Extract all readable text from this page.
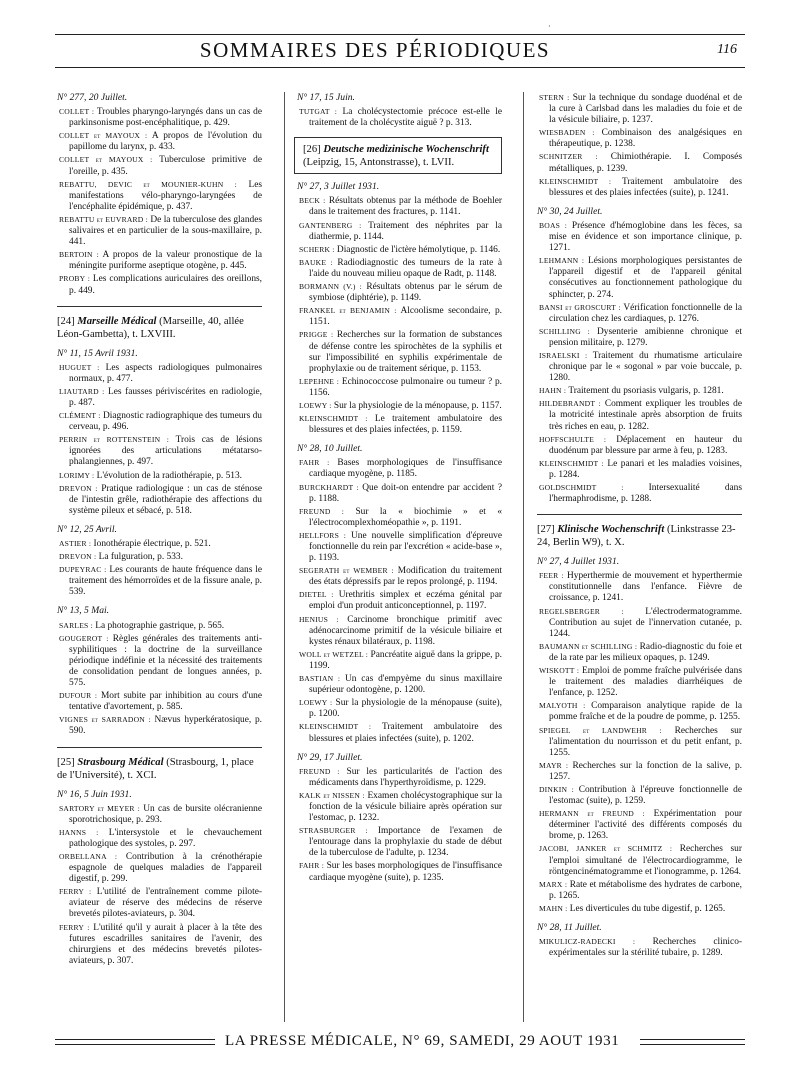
·
SOMMAIRES DES PÉRIODIQUES	116
N° 277, 20 Juillet.
COLLET : Troubles pharyngo-laryngés dans un cas de parkinsonisme post-encéphalitique, p. 429.
COLLET et MAYOUX : A propos de l'évolution du papillome du larynx, p. 433.
COLLET et MAYOUX : Tuberculose primitive de l'oreille, p. 435.
REBATTU, DEVIC et MOUNIER-KUHN : Les manifestations vélo-pharyngo-laryngées de l'encéphalite épidémique, p. 437.
REBATTU et EUVRARD : De la tuberculose des glandes salivaires et en particulier de la sous-maxillaire, p. 441.
BERTOIN : A propos de la valeur pronostique de la méningite puriforme aseptique otogène, p. 445.
PROBY : Les complications auriculaires des oreillons, p. 449.
[24] Marseille Médical (Marseille, 40, allée Léon-Gambetta), t. LXVIII.
N° 11, 15 Avril 1931.
HUGUET : Les aspects radiologiques pulmonaires normaux, p. 477.
LIAUTARD : Les fausses périviscérites en radiologie, p. 487.
CLÉMENT : Diagnostic radiographique des tumeurs du cerveau, p. 496.
PERRIN et ROTTENSTEIN : Trois cas de lésions ignorées des articulations métatarso-phalangiennes, p. 497.
LORIMY : L'évolution de la radiothérapie, p. 513.
DREVON : Pratique radiologique : un cas de sténose de l'intestin grêle, radiothérapie des affections du système pileux et sébacé, p. 518.
N° 12, 25 Avril.
ASTIER : Ionothérapie électrique, p. 521.
DREVON : La fulguration, p. 533.
DUPEYRAC : Les courants de haute fréquence dans le traitement des hémorroïdes et de la fissure anale, p. 539.
N° 13, 5 Mai.
SARLES : La photographie gastrique, p. 565.
GOUGEROT : Règles générales des traitements anti-syphilitiques : la doctrine de la surveillance périodique indéfinie et la nécessité des traitements de consolidation pendant de longues années, p. 575.
DUFOUR : Mort subite par inhibition au cours d'une tentative d'avortement, p. 585.
VIGNES et SARRADON : Nævus hyperkératosique, p. 590.
[25] Strasbourg Médical (Strasbourg, 1, place de l'Université), t. XCI.
N° 16, 5 Juin 1931.
SARTORY et MEYER : Un cas de bursite olécranienne sporotrichosique, p. 293.
HANNS : L'intersystole et le chevauchement pathologique des systoles, p. 297.
ORBELLANA : Contribution à la crénothérapie espagnole de quelques maladies de l'appareil digestif, p. 299.
FERRY : L'utilité de l'entraînement comme pilote-aviateur de réserve des médecins de réserve brevetés pilotes-aviateurs, p. 304.
FERRY : L'utilité qu'il y aurait à placer à la tête des futures escadrilles sanitaires de l'avenir, des chirurgiens et des médecins brevetés pilotes-aviateurs, p. 307.
N° 17, 15 Juin.
TUTGAT : La cholécystectomie précoce est-elle le traitement de la cholécystite aiguë ? p. 313.
[26] Deutsche medizinische Wochenschrift (Leipzig, 15, Antonstrasse), t. LVII.
N° 27, 3 Juillet 1931.
BECK : Résultats obtenus par la méthode de Boehler dans le traitement des fractures, p. 1141.
GANTENBERG : Traitement des néphrites par la diathermie, p. 1144.
SCHERK : Diagnostic de l'ictère hémolytique, p. 1146.
BAUKE : Radiodiagnostic des tumeurs de la rate à l'aide du nouveau milieu opaque de Radt, p. 1148.
BORMANN (V.) : Résultats obtenus par le sérum de symbiose (diphtérie), p. 1149.
FRANKEL et BENJAMIN : Alcoolisme secondaire, p. 1151.
PRIGGE : Recherches sur la formation de substances de défense contre les spirochètes de la syphilis et sur l'impossibilité en syphilis expérimentale de prophylaxie ou de traitement sérique, p. 1153.
LEPEHNE : Echinococcose pulmonaire ou tumeur ? p. 1156.
LOEWY : Sur la physiologie de la ménopause, p. 1157.
KLEINSCHMIDT : Le traitement ambulatoire des blessures et des plaies infectées, p. 1159.
N° 28, 10 Juillet.
FAHR : Bases morphologiques de l'insuffisance cardiaque myogène, p. 1185.
BURCKHARDT : Que doit-on entendre par accident ? p. 1188.
FREUND : Sur la « biochimie » et « l'électrocomplexhoméopathie », p. 1191.
HELLFORS : Une nouvelle simplification d'épreuve fonctionnelle du rein par l'excrétion « acide-base », p. 1193.
SEGERATH et WEMBER : Modification du traitement des états dépressifs par le repos prolongé, p. 1194.
DIETEL : Urethritis simplex et eczéma génital par emploi d'un produit anticonceptionnel, p. 1197.
HENIUS : Carcinome bronchique primitif avec adénocarcinome primitif de la vésicule biliaire et kystes rénaux bilatéraux, p. 1198.
WOLL et WETZEL : Pancréatite aiguë dans la grippe, p. 1199.
BASTIAN : Un cas d'empyème du sinus maxillaire supérieur odontogène, p. 1200.
LOEWY : Sur la physiologie de la ménopause (suite), p. 1200.
KLEINSCHMIDT : Traitement ambulatoire des blessures et plaies infectées (suite), p. 1202.
N° 29, 17 Juillet.
FREUND : Sur les particularités de l'action des médicaments dans l'hyperthyroïdisme, p. 1229.
KALK et NISSEN : Examen cholécystographique sur la fonction de la vésicule biliaire après opération sur l'estomac, p. 1232.
STRASBURGER : Importance de l'examen de l'entourage dans la prophylaxie du stade de début de la tuberculose de l'adulte, p. 1234.
FAHR : Sur les bases morphologiques de l'insuffisance cardiaque myogène (suite), p. 1235.
STERN : Sur la technique du sondage duodénal et de la cure à Carlsbad dans les maladies du foie et de la vésicule biliaire, p. 1237.
WIESBADEN : Combinaison des analgésiques en thérapeutique, p. 1238.
SCHNITZER : Chimiothérapie. I. Composés métalliques, p. 1239.
KLEINSCHMIDT : Traitement ambulatoire des blessures et des plaies infectées (suite), p. 1241.
N° 30, 24 Juillet.
BOAS : Présence d'hémoglobine dans les fèces, sa mise en évidence et son importance clinique, p. 1271.
LEHMANN : Lésions morphologiques persistantes de l'appareil digestif et de l'appareil génital consécutives au fonctionnement pathologique du sphincter, p. 274.
BANSI et GROSCURT : Vérification fonctionnelle de la circulation chez les cardiaques, p. 1276.
SCHILLING : Dysenterie amibienne chronique et pension militaire, p. 1279.
ISRAELSKI : Traitement du rhumatisme articulaire chronique par le « sogonal » par voie buccale, p. 1280.
HAHN : Traitement du psoriasis vulgaris, p. 1281.
HILDEBRANDT : Comment expliquer les troubles de la motricité intestinale après absorption de fruits très riches en eau, p. 1282.
HOFFSCHULTE : Déplacement en hauteur du duodénum par blessure par arme à feu, p. 1283.
KLEINSCHMIDT : Le panari et les maladies voisines, p. 1284.
GOLDSCHMIDT :	Intersexualité dans l'hermaphrodisme, p. 1288.
[27] Klinische Wochenschrift (Linkstrasse 23-24, Berlin W9), t. X.
N° 27, 4 Juillet 1931.
FEER : Hyperthermie de mouvement et hyperthermie constitutionnelle dans l'enfance. Fièvre de croissance, p. 1241.
REGELSBERGER : L'électrodermatogramme. Contribution au sujet de l'innervation cutanée, p. 1244.
BAUMANN et SCHILLING : Radio-diagnostic du foie et de la rate par les milieux opaques, p. 1249.
WISKOTT : Emploi de pomme fraîche pulvérisée dans le traitement des maladies diarrhéiques de l'enfance, p. 1252.
MALYOTH : Comparaison analytique rapide de la pomme fraîche et de la poudre de pomme, p. 1255.
SPIEGEL et LANDWEHR : Recherches sur l'alimentation du nourrisson et du petit enfant, p. 1255.
MAYR : Recherches sur la fonction de la salive, p. 1257.
DINKIN : Contribution à l'épreuve fonctionnelle de l'estomac (suite), p. 1259.
HERMANN et FREUND : Expérimentation pour déterminer l'activité des différents composés du brome, p. 1263.
JACOBI, JANKER et SCHMITZ : Recherches sur l'emploi simultané de l'électrocardiogramme, le röntgencinématogramme et l'ionogramme, p. 1264.
MARX : Rate et métabolisme des hydrates de carbone, p. 1265.
MAHN : Les diverticules du tube digestif, p. 1265.
N° 28, 11 Juillet.
MIKULICZ-RADECKI : Recherches clinico-expérimentales sur la stérilité tubaire, p. 1289.
LA PRESSE MÉDICALE, N° 69, SAMEDI, 29 AOUT 1931
